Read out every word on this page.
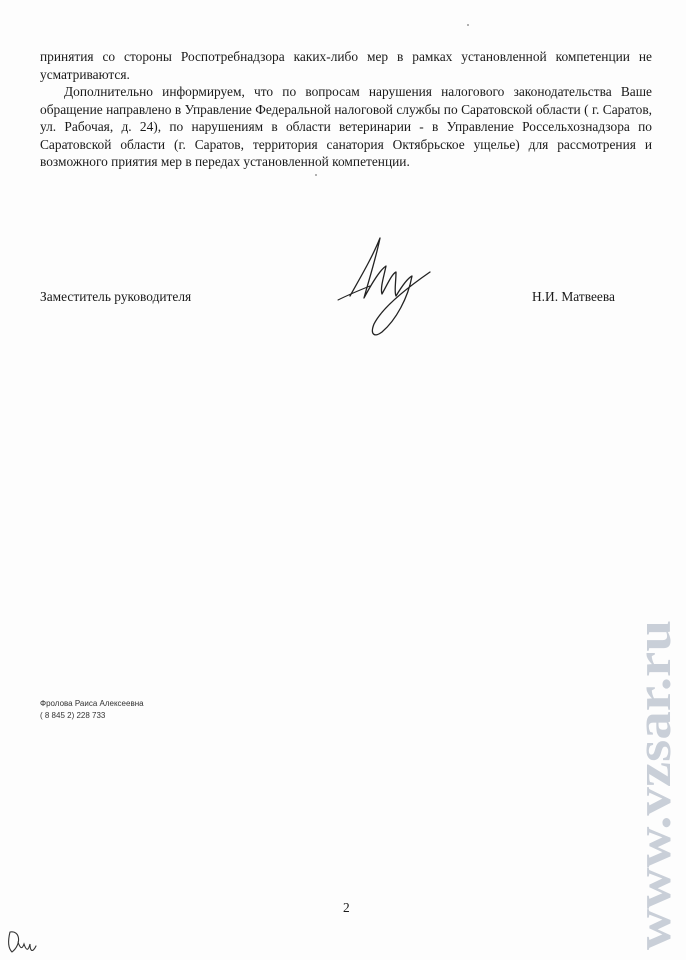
принятия со стороны Роспотребнадзора каких-либо мер в рамках установленной компетенции не усматриваются.

Дополнительно информируем, что по вопросам нарушения налогового законодательства Ваше обращение направлено в Управление Федеральной налоговой службы по Саратовской области ( г. Саратов, ул. Рабочая, д. 24), по нарушениям в области ветеринарии - в Управление Россельхознадзора по Саратовской области (г. Саратов, территория санатория Октябрьское ущелье) для рассмотрения и возможного приятия мер в передах установленной компетенции.

Заместитель руководителя	Н.И. Матвеева
Фролова Раиса Алексеевна
( 8 845 2) 228 733
2	www.vzsar.ru
